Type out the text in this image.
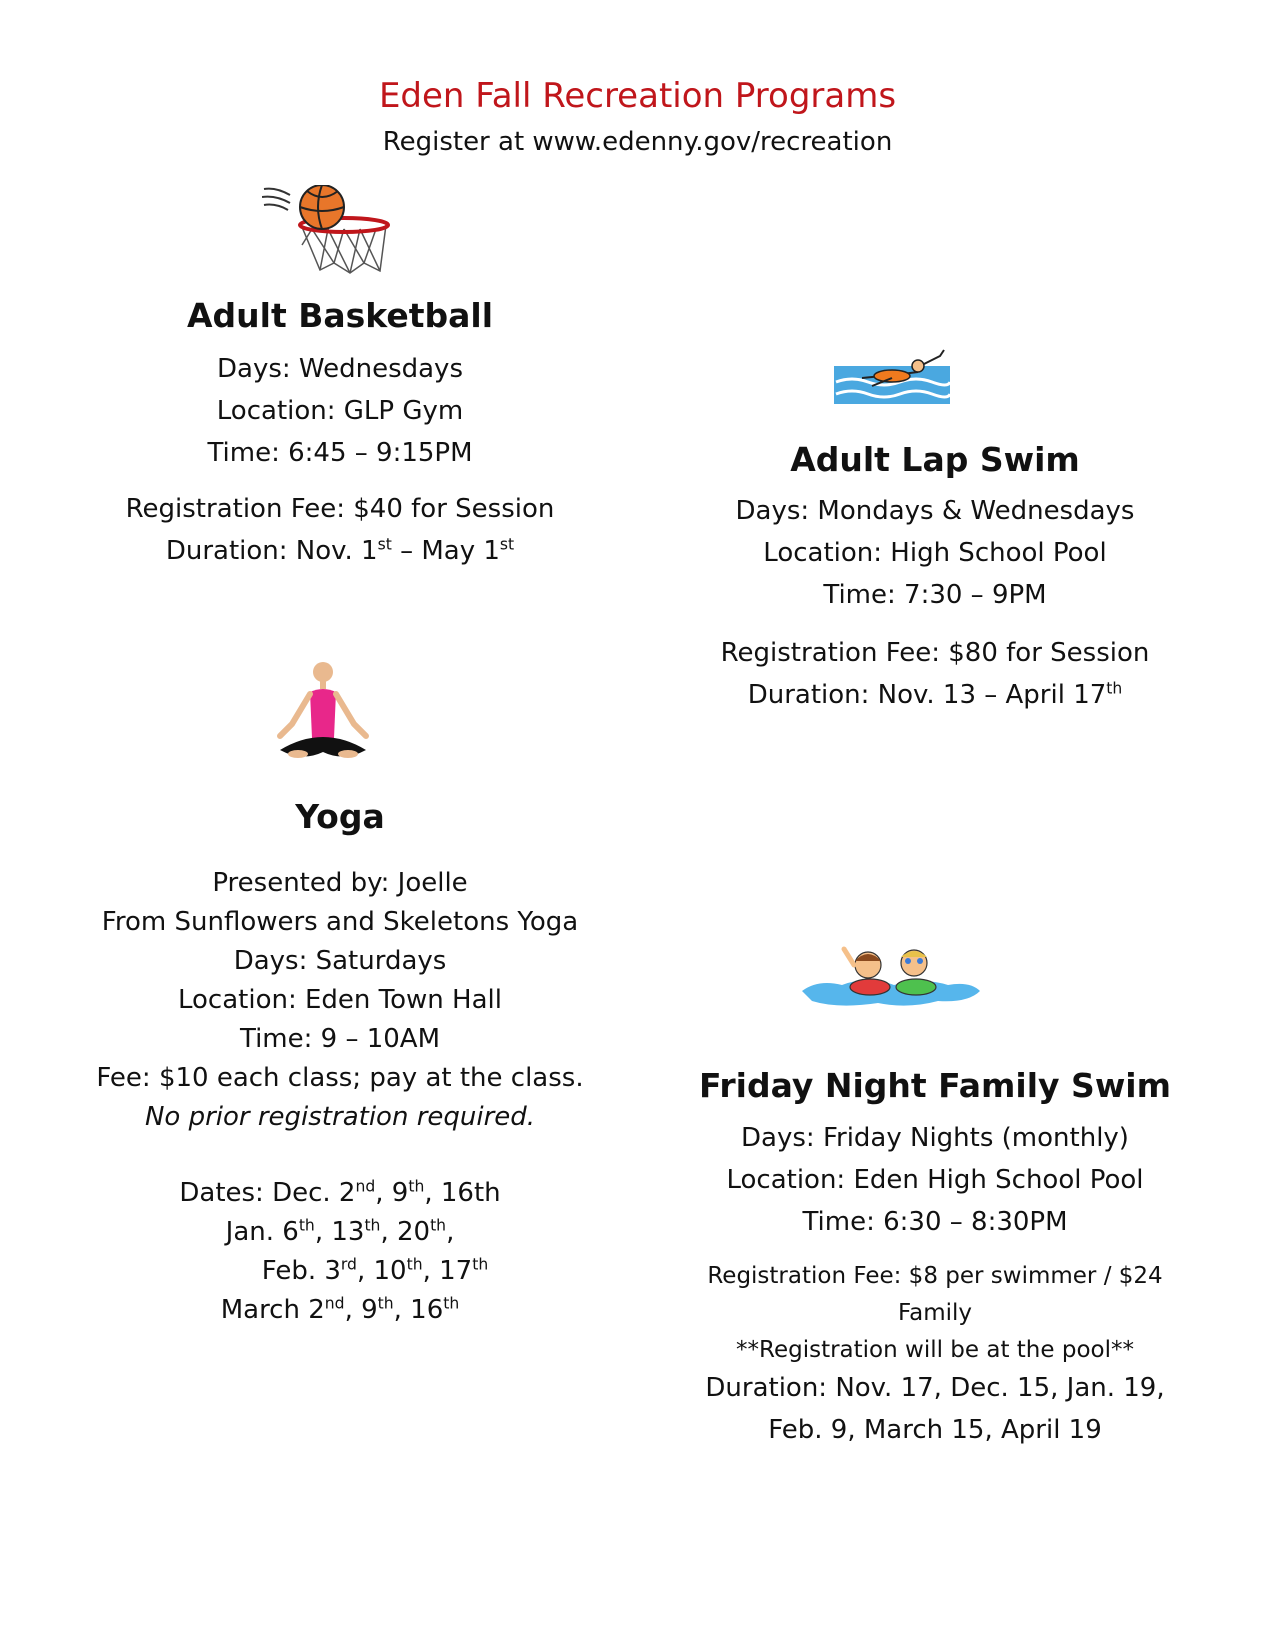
Eden Fall Recreation Programs
Register at www.edenny.gov/recreation
Adult Basketball
Days: Wednesdays
Location: GLP Gym
Time: 6:45 – 9:15PM
Registration Fee: $40 for Session
Duration: Nov. 1st – May 1st
Adult Lap Swim
Days: Mondays & Wednesdays
Location: High School Pool
Time: 7:30 – 9PM
Registration Fee: $80 for Session
Duration: Nov. 13 – April 17th
Yoga
Presented by: Joelle
From Sunflowers and Skeletons Yoga
Days: Saturdays
Location: Eden Town Hall
Time: 9 – 10AM
Fee: $10 each class; pay at the class.
No prior registration required.
Dates: Dec. 2nd, 9th, 16th
Jan. 6th, 13th, 20th,
Feb. 3rd, 10th, 17th
March 2nd, 9th, 16th
Friday Night Family Swim
Days: Friday Nights (monthly)
Location: Eden High School Pool
Time: 6:30 – 8:30PM
Registration Fee: $8 per swimmer / $24
Family
**Registration will be at the pool**
Duration: Nov. 17, Dec. 15, Jan. 19,
Feb. 9, March 15, April 19
